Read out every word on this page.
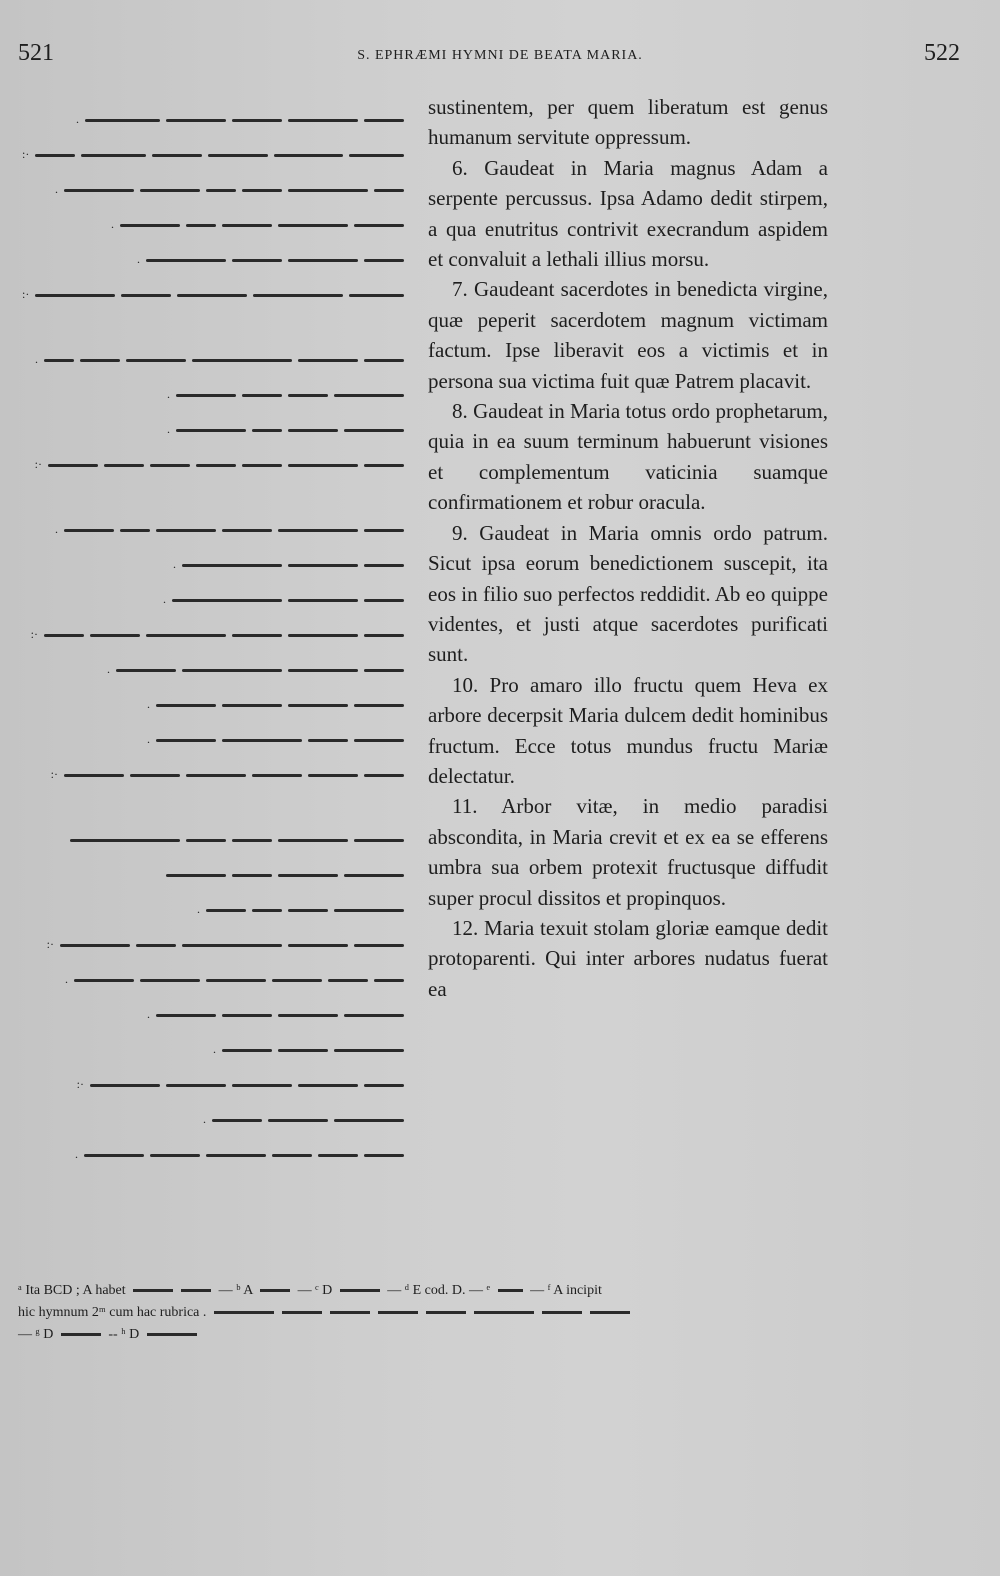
521	S. EPHRÆMI HYMNI DE BEATA MARIA.	522
.
:·
.
.
.
:·
.
.
.
:·
.
.
.
:·
.
.
.
:·
.
:·
.
.
.
:·
.
.

sustinentem, per quem liberatum est genus humanum servitute oppressum.

6. Gaudeat in Maria magnus Adam a serpente percussus. Ipsa Adamo dedit stirpem, a qua enutritus contrivit execrandum aspidem et convaluit a lethali illius morsu.

7. Gaudeant sacerdotes in benedicta virgine, quæ peperit sacerdotem magnum victimam factum. Ipse liberavit eos a victimis et in persona sua victima fuit quæ Patrem placavit.

8. Gaudeat in Maria totus ordo prophetarum, quia in ea suum terminum habuerunt visiones et complementum vaticinia suamque confirmationem et robur oracula.

9. Gaudeat in Maria omnis ordo patrum. Sicut ipsa eorum benedictionem suscepit, ita eos in filio suo perfectos reddidit. Ab eo quippe videntes, et justi atque sacerdotes purificati sunt.

10. Pro amaro illo fructu quem Heva ex arbore decerpsit Maria dulcem dedit hominibus fructum. Ecce totus mundus fructu Mariæ delectatur.

11. Arbor vitæ, in medio paradisi abscondita, in Maria crevit et ex ea se efferens umbra sua orbem protexit fructusque diffudit super procul dissitos et propinquos.

12. Maria texuit stolam gloriæ eamque dedit protoparenti. Qui inter arbores nudatus fuerat ea

ᵃ Ita BCD ; A habet	— ᵇ A	— ᶜ D	— ᵈ E cod. D. — ᵉ	— ᶠ A incipit
hic hymnum 2ᵐ cum hac rubrica .
— ᵍ D	-- ʰ D
